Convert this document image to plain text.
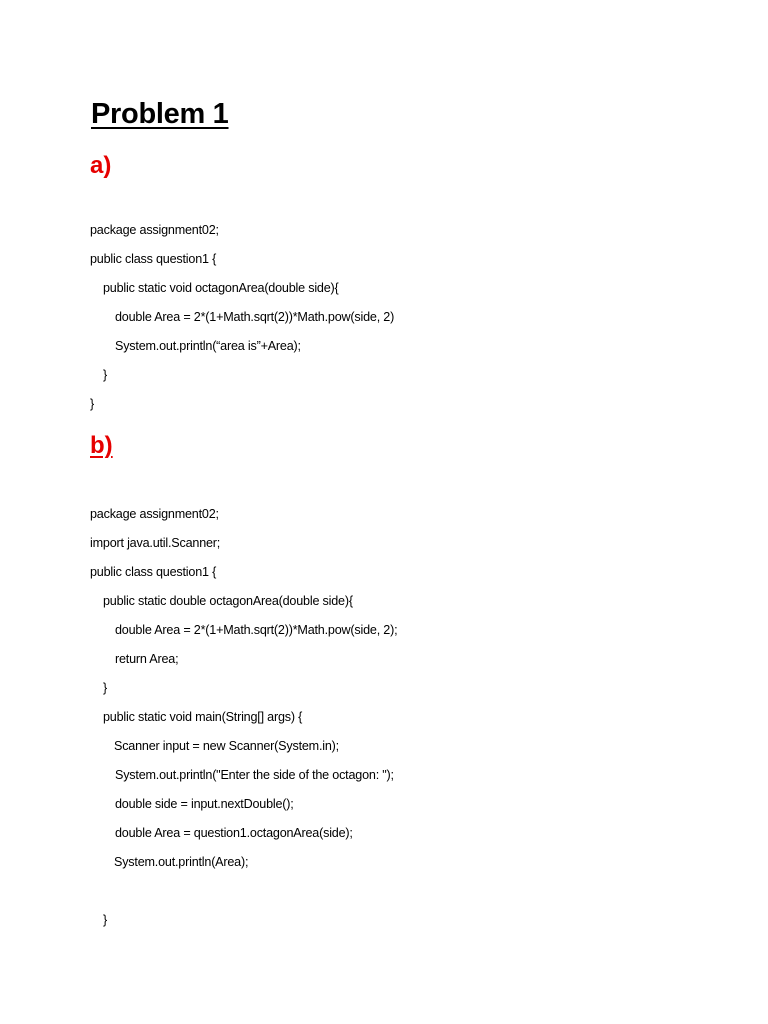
Problem 1
a)
package assignment02;
public class question1 {
public static void octagonArea(double side){
double Area = 2*(1+Math.sqrt(2))*Math.pow(side, 2)
System.out.println(“area is”+Area);
}
}
b)
package assignment02;
import java.util.Scanner;
public class question1 {
public static double octagonArea(double side){
double Area = 2*(1+Math.sqrt(2))*Math.pow(side, 2);
return Area;
}
public static void main(String[] args) {
Scanner input = new Scanner(System.in);
System.out.println("Enter the side of the octagon: ");
double side = input.nextDouble();
double Area = question1.octagonArea(side);
System.out.println(Area);
}
